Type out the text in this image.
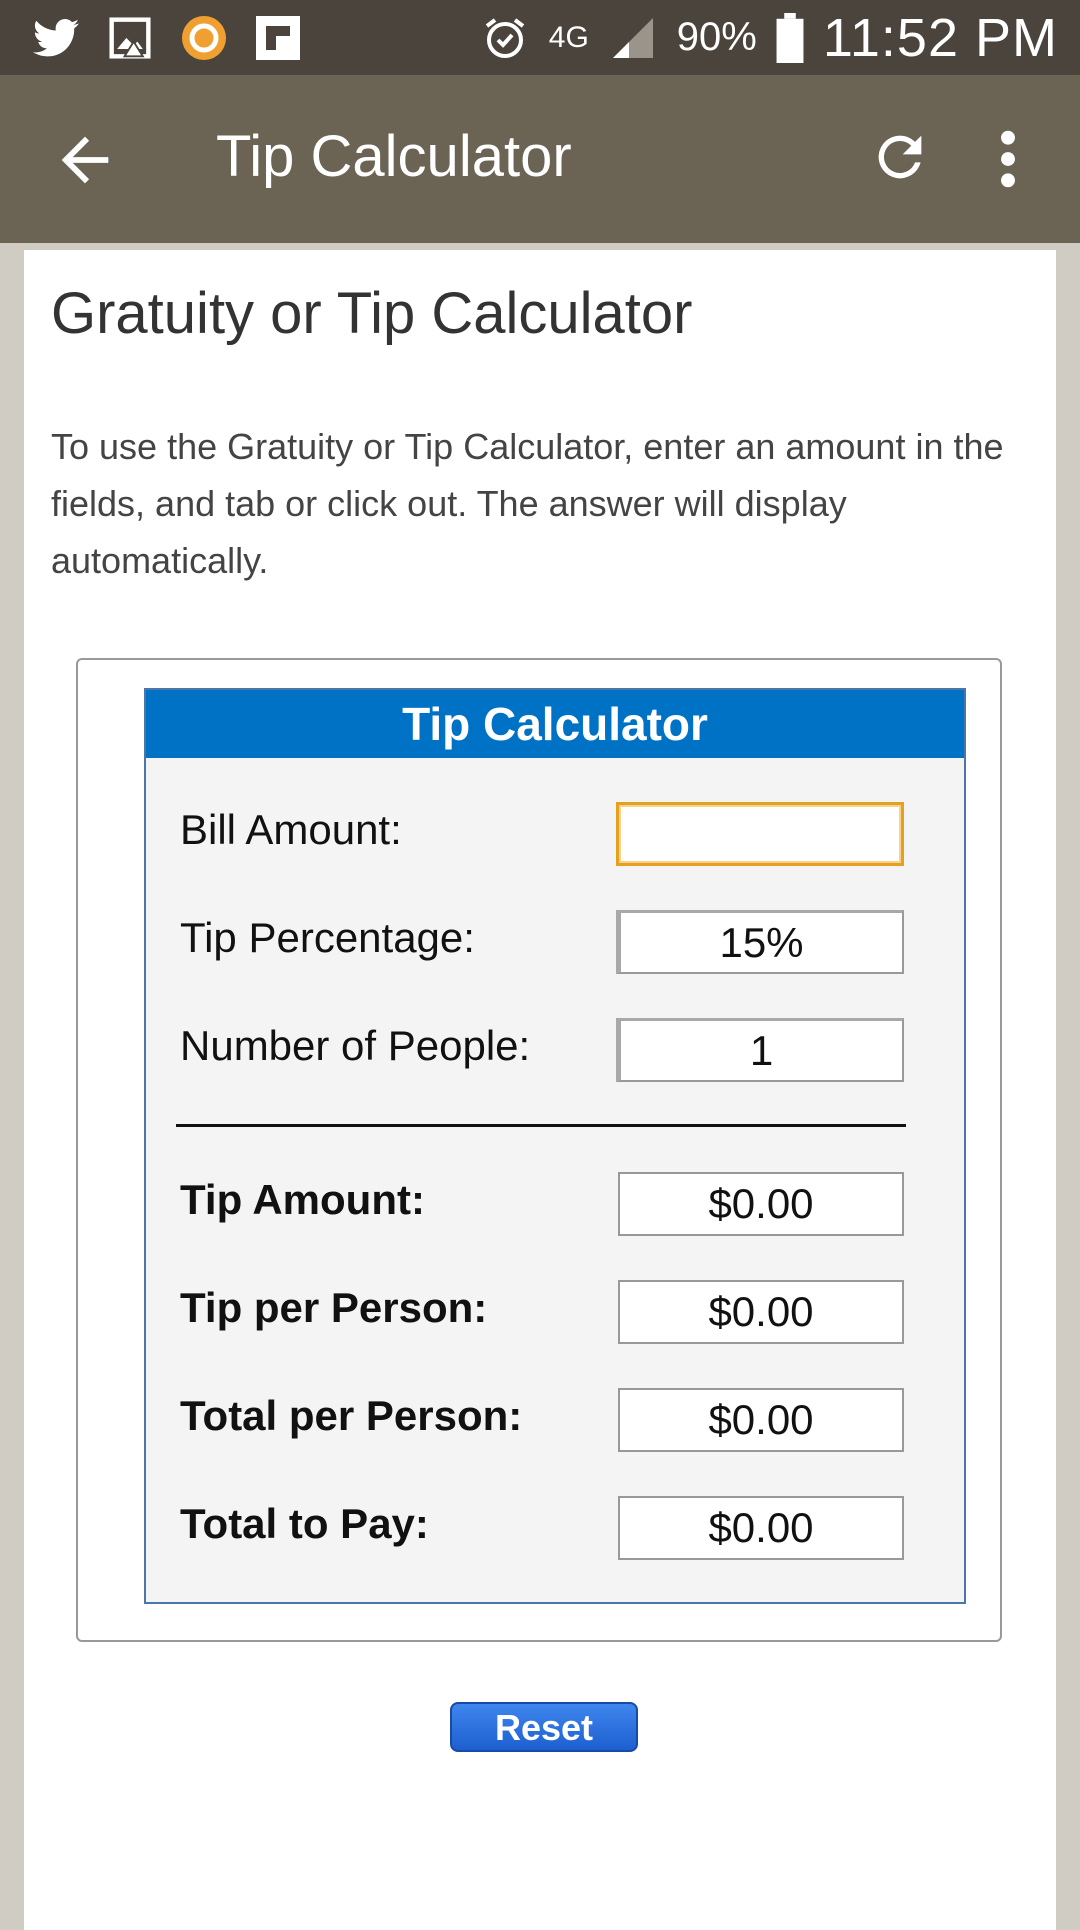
4G 90% 11:52 PM
Tip Calculator
Gratuity or Tip Calculator
To use the Gratuity or Tip Calculator, enter an amount in the fields, and tab or click out. The answer will display automatically.
Tip Calculator
Bill Amount:
Tip Percentage:	15%
Number of People:	1
Tip Amount:	$0.00
Tip per Person:	$0.00
Total per Person:	$0.00
Total to Pay:	$0.00
Reset
